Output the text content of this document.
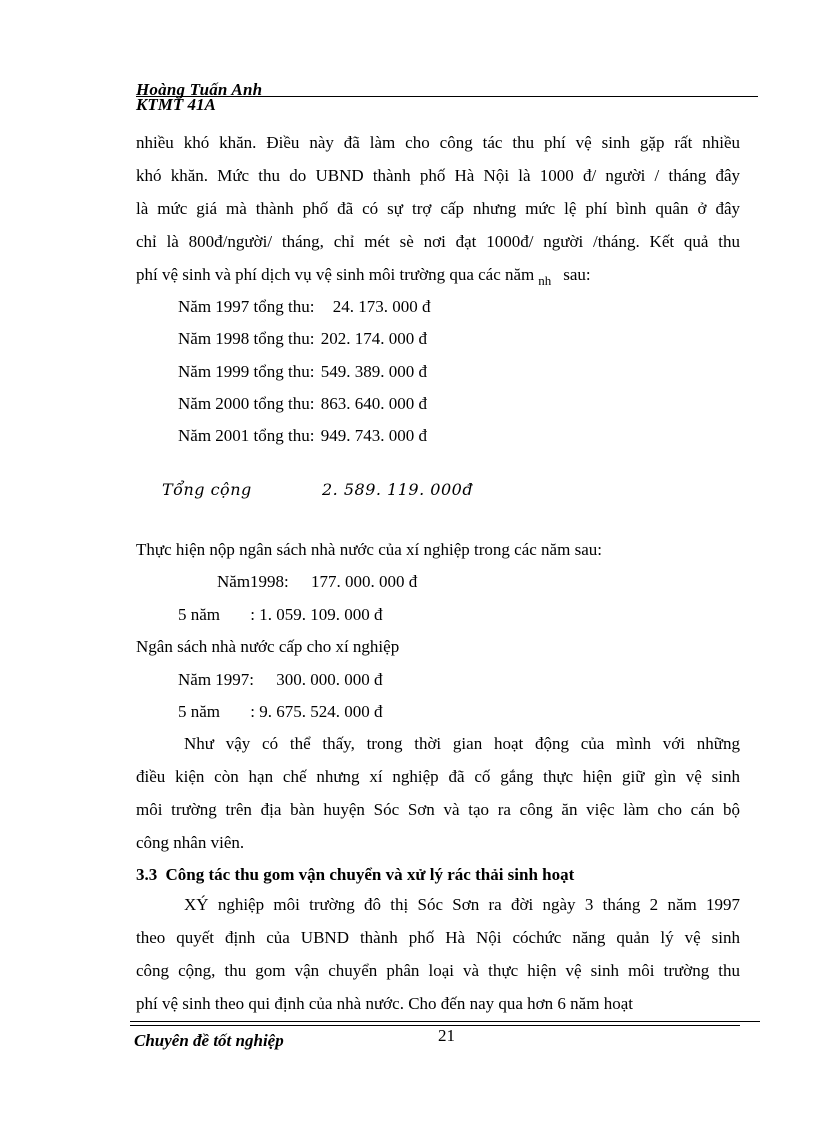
Hoàng Tuấn Anh
KTMT 41A
nhiều khó khăn. Điều này đã làm cho công tác thu phí vệ sinh gặp rất nhiều
khó khăn. Mức thu do UBND thành phố Hà Nội là 1000 đ/ người / tháng đây
là mức giá mà thành phố đã có sự trợ cấp nhưng mức lệ phí bình quân ở đây
chỉ là 800đ/người/ tháng, chỉ mét sè nơi đạt 1000đ/ người /tháng. Kết quả thu
phí vệ sinh và phí dịch vụ vệ sinh môi trường qua các năm $_{nh}$ sau:
Năm 1997 tổng thu: 24. 173. 000 đ
Năm 1998 tổng thu: 202. 174. 000 đ
Năm 1999 tổng thu: 549. 389. 000 đ
Năm 2000 tổng thu: 863. 640. 000 đ
Năm 2001 tổng thu: 949. 743. 000 đ
Tổng cộng	2. 589. 119. 000đ
Thực hiện nộp ngân sách nhà nước của xí nghiệp trong các năm sau:
Năm1998: 177. 000. 000 đ
5 năm : 1. 059. 109. 000 đ
Ngân sách nhà nước cấp cho xí nghiệp
Năm 1997: 300. 000. 000 đ
5 năm : 9. 675. 524. 000 đ
Như vậy có thể thấy, trong thời gian hoạt động của mình với những
điều kiện còn hạn chế nhưng xí nghiệp đã cố gắng thực hiện giữ gìn vệ sinh
môi trường trên địa bàn huyện Sóc Sơn và tạo ra công ăn việc làm cho cán bộ
công nhân viên.
3.3 Công tác thu gom vận chuyển và xử lý rác thải sinh hoạt
XÝ nghiệp môi trường đô thị Sóc Sơn ra đời ngày 3 tháng 2 năm 1997
theo quyết định của UBND thành phố Hà Nội cóchức năng quản lý vệ sinh
công cộng, thu gom vận chuyển phân loại và thực hiện vệ sinh môi trường thu
phí vệ sinh theo qui định của nhà nước. Cho đến nay qua hơn 6 năm hoạt
21
Chuyên đề tốt nghiệp
